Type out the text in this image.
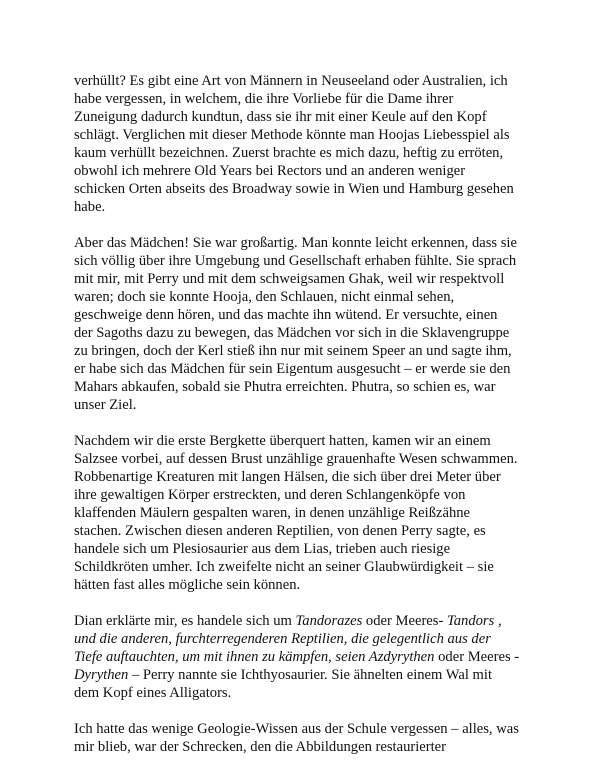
verhüllt? Es gibt eine Art von Männern in Neuseeland oder Australien, ich
habe vergessen, in welchem, die ihre Vorliebe für die Dame ihrer
Zuneigung dadurch kundtun, dass sie ihr mit einer Keule auf den Kopf
schlägt. Verglichen mit dieser Methode könnte man Hoojas Liebesspiel als
kaum verhüllt bezeichnen. Zuerst brachte es mich dazu, heftig zu erröten,
obwohl ich mehrere Old Years bei Rectors und an anderen weniger
schicken Orten abseits des Broadway sowie in Wien und Hamburg gesehen
habe.
Aber das Mädchen! Sie war großartig. Man konnte leicht erkennen, dass sie
sich völlig über ihre Umgebung und Gesellschaft erhaben fühlte. Sie sprach
mit mir, mit Perry und mit dem schweigsamen Ghak, weil wir respektvoll
waren; doch sie konnte Hooja, den Schlauen, nicht einmal sehen,
geschweige denn hören, und das machte ihn wütend. Er versuchte, einen
der Sagoths dazu zu bewegen, das Mädchen vor sich in die Sklavengruppe
zu bringen, doch der Kerl stieß ihn nur mit seinem Speer an und sagte ihm,
er habe sich das Mädchen für sein Eigentum ausgesucht – er werde sie den
Mahars abkaufen, sobald sie Phutra erreichten. Phutra, so schien es, war
unser Ziel.
Nachdem wir die erste Bergkette überquert hatten, kamen wir an einem
Salzsee vorbei, auf dessen Brust unzählige grauenhafte Wesen schwammen.
Robbenartige Kreaturen mit langen Hälsen, die sich über drei Meter über
ihre gewaltigen Körper erstreckten, und deren Schlangenköpfe von
klaffenden Mäulern gespalten waren, in denen unzählige Reißzähne
stachen. Zwischen diesen anderen Reptilien, von denen Perry sagte, es
handele sich um Plesiosaurier aus dem Lias, trieben auch riesige
Schildkröten umher. Ich zweifelte nicht an seiner Glaubwürdigkeit – sie
hätten fast alles mögliche sein können.
Dian erklärte mir, es handele sich um Tandorazes oder Meeres- Tandors ,
und die anderen, furchterregenderen Reptilien, die gelegentlich aus der
Tiefe auftauchten, um mit ihnen zu kämpfen, seien Azdyrythen oder Meeres -
Dyrythen – Perry nannte sie Ichthyosaurier. Sie ähnelten einem Wal mit
dem Kopf eines Alligators.
Ich hatte das wenige Geologie-Wissen aus der Schule vergessen – alles, was
mir blieb, war der Schrecken, den die Abbildungen restaurierter
